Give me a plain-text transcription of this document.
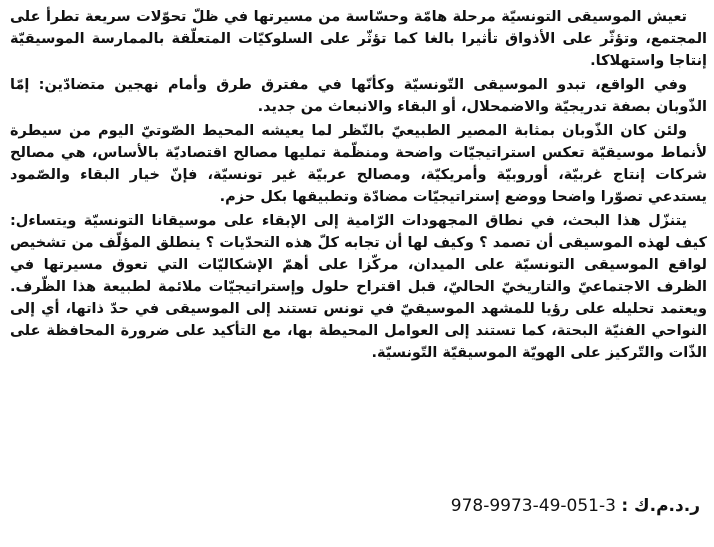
تعيش الموسيقى التونسيّة مرحلة هامّة وحسّاسة من مسيرتها في ظلّ تحوّلات سريعة تطرأ على المجتمع، وتؤثّر على الأذواق تأثيرا بالغا كما تؤثّر على السلوكيّات المتعلّقة بالممارسة الموسيقيّة إنتاجا واستهلاكا.

وفي الواقع، تبدو الموسيقى التّونسيّة وكأنّها في مفترق طرق وأمام نهجين متضادّين: إمّا الذّوبان بصفة تدريجيّة والاضمحلال، أو البقاء والانبعاث من جديد.

ولئن كان الذّوبان بمثابة المصير الطبيعيّ بالنّظر لما يعيشه المحيط الصّوتيّ اليوم من سيطرة لأنماط موسيقيّة تعكس استراتيجيّات واضحة ومنظّمة تمليها مصالح اقتصاديّة بالأساس، هي مصالح شركات إنتاج غربيّة، أوروبيّة وأمريكيّة، ومصالح عربيّة غير تونسيّة، فإنّ خيار البقاء والصّمود يستدعي تصوّرا واضحا ووضع إستراتيجيّات مضادّة وتطبيقها بكل حزم.

يتنزّل هذا البحث، في نطاق المجهودات الرّامية إلى الإبقاء على موسيقانا التونسيّة ويتساءل: كيف لهذه الموسيقى أن تصمد ؟ وكيف لها أن تجابه كلّ هذه التحدّيات ؟ ينطلق المؤلّف من تشخيص لواقع الموسيقى التونسيّة على الميدان، مركّزا على أهمّ الإشكاليّات التي تعوق مسيرتها في الظرف الاجتماعيّ والتاريخيّ الحاليّ، قبل اقتراح حلول وإستراتيجيّات ملائمة لطبيعة هذا الظّرف. ويعتمد تحليله على رؤيا للمشهد الموسيقيّ في تونس تستند إلى الموسيقى في حدّ ذاتها، أي إلى النواحي الفنيّة البحتة، كما تستند إلى العوامل المحيطة بها، مع التأكيد على ضرورة المحافظة على الذّات والتّركيز على الهويّة الموسيقيّة التّونسيّة.

ر.د.م.ك : 978-9973-49-051-3
